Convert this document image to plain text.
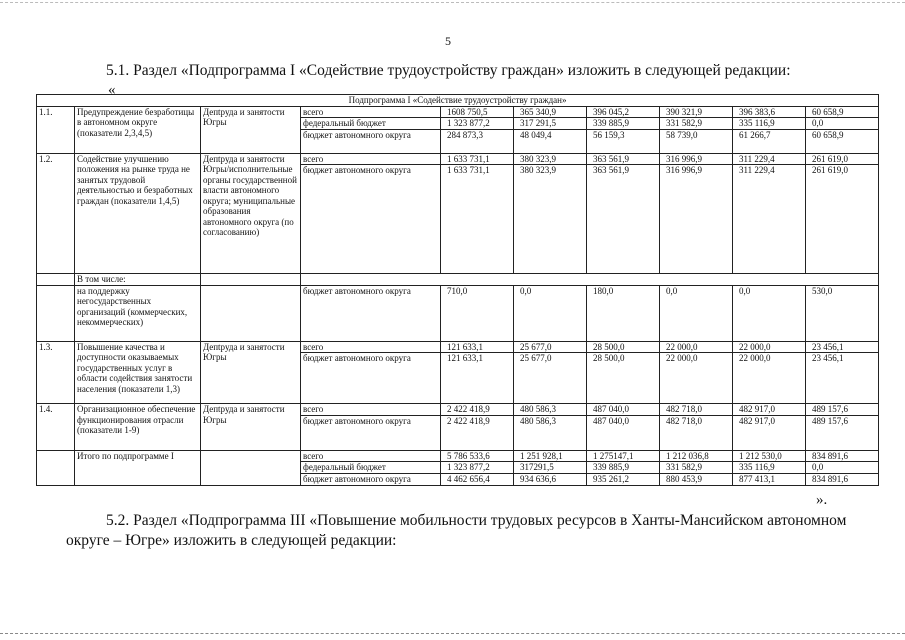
5
5.1. Раздел «Подпрограмма I «Содействие трудоустройству граждан» изложить в следующей редакции:
«
Подпрограмма I «Содействие трудоустройству граждан»									
1.1.	Предупреждение безработицы в автономном округе (показатели 2,3,4,5)	Депtруда и занятости Югры	всего	1608 750,5	365 340,9	396 045,2	390 321,9	396 383,6	60 658,9
			федеральный бюджет	1 323 877,2	317 291,5	339 885,9	331 582,9	335 116,9	0,0
			бюджет автономного округа	284 873,3	48 049,4	56 159,3	58 739,0	61 266,7	60 658,9
1.2.	Содействие улучшению положения на рынке труда не занятых трудовой деятельностью и безработных граждан (показатели 1,4,5)	Депtруда и занятости Югры/исполнительные органы государственной власти автономного округа; муниципальные образования автономного округа (по согласованию)	всего	1 633 731,1	380 323,9	363 561,9	316 996,9	311 229,4	261 619,0
			бюджет автономного округа	1 633 731,1	380 323,9	363 561,9	316 996,9	311 229,4	261 619,0
	В том числе:								
	на поддержку негосударственных организаций (коммерческих, некоммерческих)		бюджет автономного округа	710,0	0,0	180,0	0,0	0,0	530,0
1.3.	Повышение качества и доступности оказываемых государственных услуг в области содействия занятости населения (показатели 1,3)	Депtруда и занятости Югры	всего	121 633,1	25 677,0	28 500,0	22 000,0	22 000,0	23 456,1
			бюджет автономного округа	121 633,1	25 677,0	28 500,0	22 000,0	22 000,0	23 456,1
1.4.	Организационное обеспечение функционирования отрасли (показатели 1-9)	Депtруда и занятости Югры	всего	2 422 418,9	480 586,3	487 040,0	482 718,0	482 917,0	489 157,6
			бюджет автономного округа	2 422 418,9	480 586,3	487 040,0	482 718,0	482 917,0	489 157,6
	Итого по подпрограмме I		всего	5 786 533,6	1 251 928,1	1 275147,1	1 212 036,8	1 212 530,0	834 891,6
			федеральный бюджет	1 323 877,2	317291,5	339 885,9	331 582,9	335 116,9	0,0
			бюджет автономного округа	4 462 656,4	934 636,6	935 261,2	880 453,9	877 413,1	834 891,6
».
5.2. Раздел «Подпрограмма III «Повышение мобильности трудовых ресурсов в Ханты-Мансийском автономном округе – Югре» изложить в следующей редакции:
